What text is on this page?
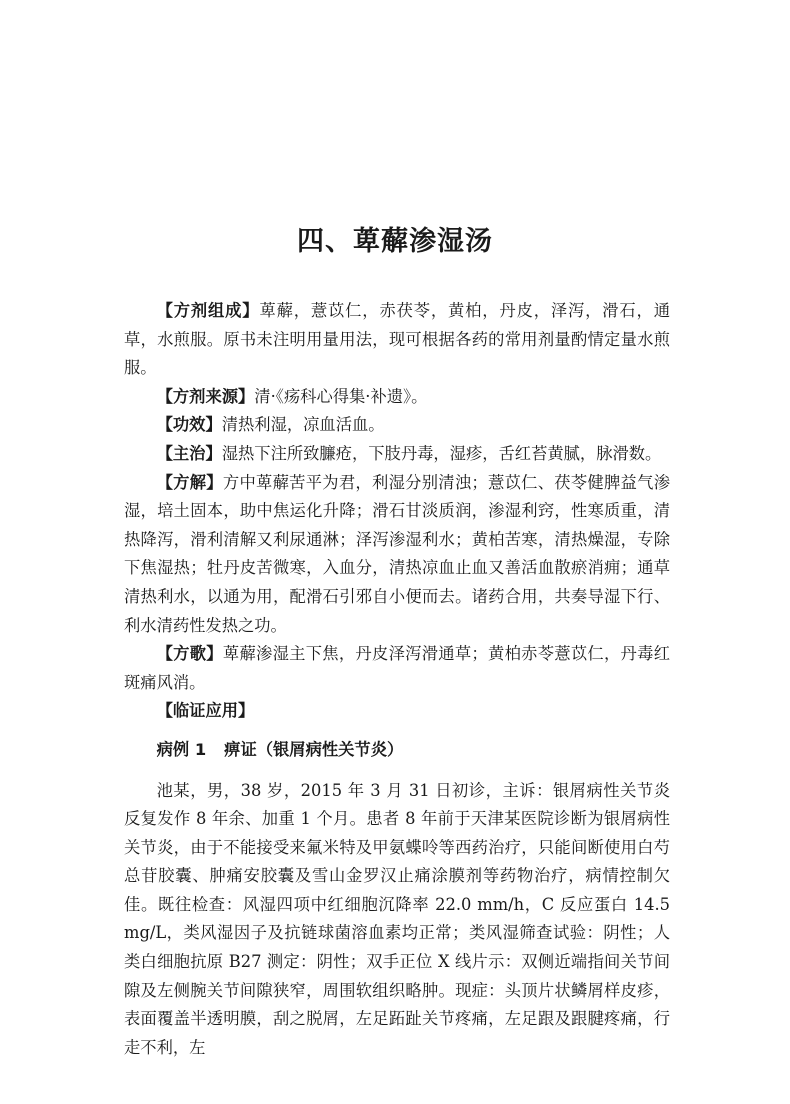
四、萆薢渗湿汤

【方剂组成】萆薢，薏苡仁，赤茯苓，黄柏，丹皮，泽泻，滑石，通草，水煎服。原书未注明用量用法，现可根据各药的常用剂量酌情定量水煎服。

【方剂来源】清·《疡科心得集·补遗》。

【功效】清热利湿，凉血活血。

【主治】湿热下注所致臁疮，下肢丹毒，湿疹，舌红苔黄腻，脉滑数。

【方解】方中萆薢苦平为君，利湿分别清浊；薏苡仁、茯苓健脾益气渗湿，培土固本，助中焦运化升降；滑石甘淡质润，渗湿利窍，性寒质重，清热降泻，滑利清解又利尿通淋；泽泻渗湿利水；黄柏苦寒，清热燥湿，专除下焦湿热；牡丹皮苦微寒，入血分，清热凉血止血又善活血散瘀消痈；通草清热利水，以通为用，配滑石引邪自小便而去。诸药合用，共奏导湿下行、利水清药性发热之功。

【方歌】萆薢渗湿主下焦，丹皮泽泻滑通草；黄柏赤苓薏苡仁，丹毒红斑痛风消。

【临证应用】

病例 1 痹证（银屑病性关节炎）

池某，男，38 岁，2015 年 3 月 31 日初诊，主诉：银屑病性关节炎反复发作 8 年余、加重 1 个月。患者 8 年前于天津某医院诊断为银屑病性关节炎，由于不能接受来氟米特及甲氨蝶呤等西药治疗，只能间断使用白芍总苷胶囊、肿痛安胶囊及雪山金罗汉止痛涂膜剂等药物治疗，病情控制欠佳。既往检查：风湿四项中红细胞沉降率 22.0 mm/h，C 反应蛋白 14.5 mg/L，类风湿因子及抗链球菌溶血素均正常；类风湿筛查试验：阴性；人类白细胞抗原 B27 测定：阴性；双手正位 X 线片示：双侧近端指间关节间隙及左侧腕关节间隙狭窄，周围软组织略肿。现症：头顶片状鳞屑样皮疹，表面覆盖半透明膜，刮之脱屑，左足跖趾关节疼痛，左足跟及跟腱疼痛，行走不利，左
